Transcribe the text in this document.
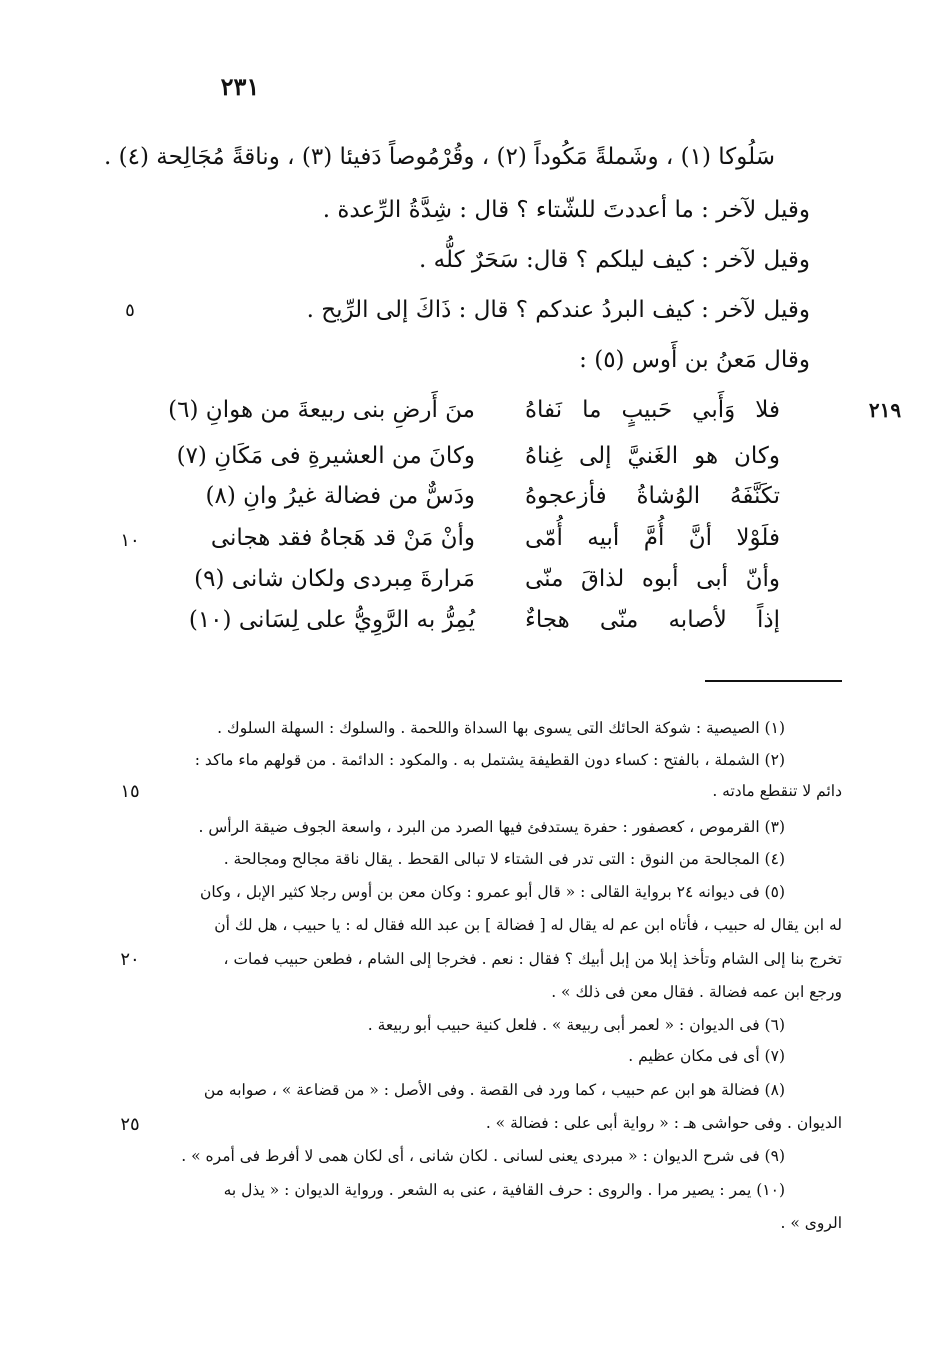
٢٣١
سَلُوكا (١) ، وشَملةً مَكُوداً (٢) ، وقُرْمُوصاً دَفيئا (٣) ، وناقةً مُجَالِحة (٤) .
وقيل لآخر : ما أعددتَ للشّتاء ؟ قال : شِدَّةُ الرِّعدة .
وقيل لآخر : كيف ليلكم ؟ قال: سَحَرٌ كلُّه .
وقيل لآخر : كيف البردُ عندكم ؟ قال : ذَاكَ إلى الرِّيح .
وقال مَعنُ بن أَوس (٥) :
فلا وَأَبي حَبيبٍ ما نَفاهُ
منَ أَرضِ بنى ربيعةَ من هوانِ (٦)
وكان هو الغَنيَّ إلى غِناهُ
وكانَ من العشيرةِ فى مَكَانِ (٧)
تكَنَّفَهُ الوُشاةُ فأزعجوهُ
ودَسٌّ من فضالة غيرُ وانِ (٨)
فلَوْلا أنَّ أُمَّ أبيه أُمّى
وأنْ مَنْ قد هَجاهُ فقد هجانى
وأنّ أبى أبوه لذاقَ منّى
مَرارةَ مِبردى ولكان شانى (٩)
إذاً لأصابه منّى هجاءٌ
يُمِرُّ به الرَّوِيُّ على لِسَانى (١٠)
٥
١٠
١٥
٢٠
٢٥
٢١٩
(١) الصيصية : شوكة الحائك التى يسوى بها السداة واللحمة . والسلوك : السهلة السلوك .
(٢) الشملة ، بالفتح : كساء دون القطيفة يشتمل به . والمكود : الدائمة . من قولهم ماء ماكد :
دائم لا تنقطع مادته .
(٣) القرموص ، كعصفور : حفرة يستدفئ فيها الصرد من البرد ، واسعة الجوف ضيقة الرأس .
(٤) المجالحة من النوق : التى تدر فى الشتاء لا تبالى القحط . يقال ناقة مجالح ومجالحة .
(٥) فى ديوانه ٢٤ برواية القالى : « قال أبو عمرو : وكان معن بن أوس رجلا كثير الإبل ، وكان
له ابن يقال له حبيب ، فأتاه ابن عم له يقال له [ فضالة ] بن عبد الله فقال له : يا حبيب ، هل لك أن
تخرج بنا إلى الشام وتأخذ إبلا من إبل أبيك ؟ فقال : نعم . فخرجا إلى الشام ، فطعن حبيب فمات ،
ورجع ابن عمه فضالة . فقال معن فى ذلك » .
(٦) فى الديوان : « لعمر أبى ربيعة » . فلعل كنية حبيب أبو ربيعة .
(٧) أى فى مكان عظيم .
(٨) فضالة هو ابن عم حبيب ، كما ورد فى القصة . وفى الأصل : « من قضاعة » ، صوابه من
الديوان . وفى حواشى هـ : « رواية أبى على : فضالة » .
(٩) فى شرح الديوان : « مبردى يعنى لسانى . لكان شانى ، أى لكان همى لا أفرط فى أمره » .
(١٠) يمر : يصير مرا . والروى : حرف القافية ، عنى به الشعر . ورواية الديوان : « يذل به
الروى » .
